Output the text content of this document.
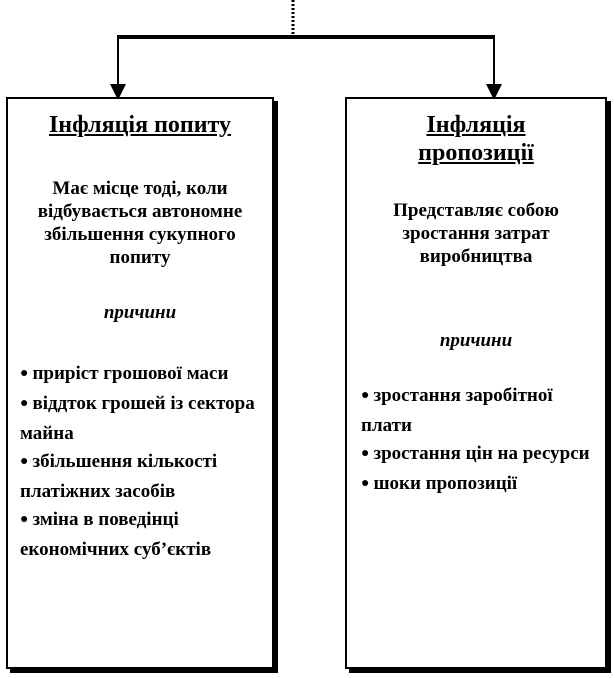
Інфляція попиту

Має місце тоді, коли відбувається автономне збільшення сукупного попиту

причини

● приріст грошової маси
● віддток грошей із сектора майна
● збільшення кількості платіжних засобів
● зміна в поведінці економічних суб’єктів

Інфляція пропозиції

Представляє собою зростання затрат виробництва

причини

● зростання заробітної плати
● зростання цін на ресурси
● шоки пропозиції
